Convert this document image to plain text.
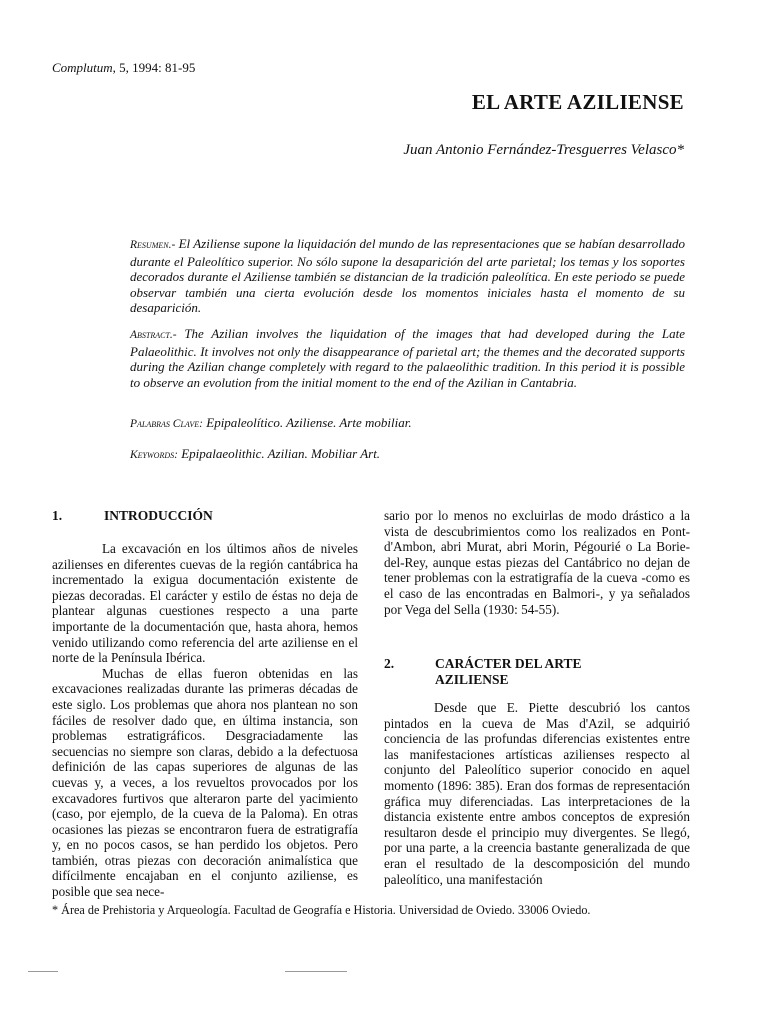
Complutum, 5, 1994: 81-95
EL ARTE AZILIENSE
Juan Antonio Fernández-Tresguerres Velasco*
Resumen.- El Aziliense supone la liquidación del mundo de las representaciones que se habían desarrollado durante el Paleolítico superior. No sólo supone la desaparición del arte parietal; los temas y los soportes decorados durante el Aziliense también se distancian de la tradición paleolítica. En este periodo se puede observar también una cierta evolución desde los momentos iniciales hasta el momento de su desaparición.
Abstract.- The Azilian involves the liquidation of the images that had developed during the Late Palaeolithic. It involves not only the disappearance of parietal art; the themes and the decorated supports during the Azilian change completely with regard to the palaeolithic tradition. In this period it is possible to observe an evolution from the initial moment to the end of the Azilian in Cantabria.
Palabras Clave: Epipaleolítico. Aziliense. Arte mobiliar.
Keywords: Epipalaeolithic. Azilian. Mobiliar Art.
1.	INTRODUCCIÓN

La excavación en los últimos años de niveles azilienses en diferentes cuevas de la región cantábrica ha incrementado la exigua documentación existente de piezas decoradas. El carácter y estilo de éstas no deja de plantear algunas cuestiones respecto a una parte importante de la documentación que, hasta ahora, hemos venido utilizando como referencia del arte aziliense en el norte de la Península Ibérica.

Muchas de ellas fueron obtenidas en las excavaciones realizadas durante las primeras décadas de este siglo. Los problemas que ahora nos plantean no son fáciles de resolver dado que, en última instancia, son problemas estratigráficos. Desgraciadamente las secuencias no siempre son claras, debido a la defectuosa definición de las capas superiores de algunas de las cuevas y, a veces, a los revueltos provocados por los excavadores furtivos que alteraron parte del yacimiento (caso, por ejemplo, de la cueva de la Paloma). En otras ocasiones las piezas se encontraron fuera de estratigrafía y, en no pocos casos, se han perdido los objetos. Pero también, otras piezas con decoración animalística que difícilmente encajaban en el conjunto aziliense, es posible que sea nece-

sario por lo menos no excluirlas de modo drástico a la vista de descubrimientos como los realizados en Pont-d'Ambon, abri Murat, abri Morin, Pégourié o La Borie-del-Rey, aunque estas piezas del Cantábrico no dejan de tener problemas con la estratigrafía de la cueva -como es el caso de las encontradas en Balmori-, y ya señalados por Vega del Sella (1930: 54-55).

2.	CARÁCTER DEL ARTE AZILIENSE

Desde que E. Piette descubrió los cantos pintados en la cueva de Mas d'Azil, se adquirió conciencia de las profundas diferencias existentes entre las manifestaciones artísticas azilienses respecto al conjunto del Paleolítico superior conocido en aquel momento (1896: 385). Eran dos formas de representación gráfica muy diferenciadas. Las interpretaciones de la distancia existente entre ambos conceptos de expresión resultaron desde el principio muy divergentes. Se llegó, por una parte, a la creencia bastante generalizada de que eran el resultado de la descomposición del mundo paleolítico, una manifestación

* Área de Prehistoria y Arqueología. Facultad de Geografía e Historia. Universidad de Oviedo. 33006 Oviedo.
